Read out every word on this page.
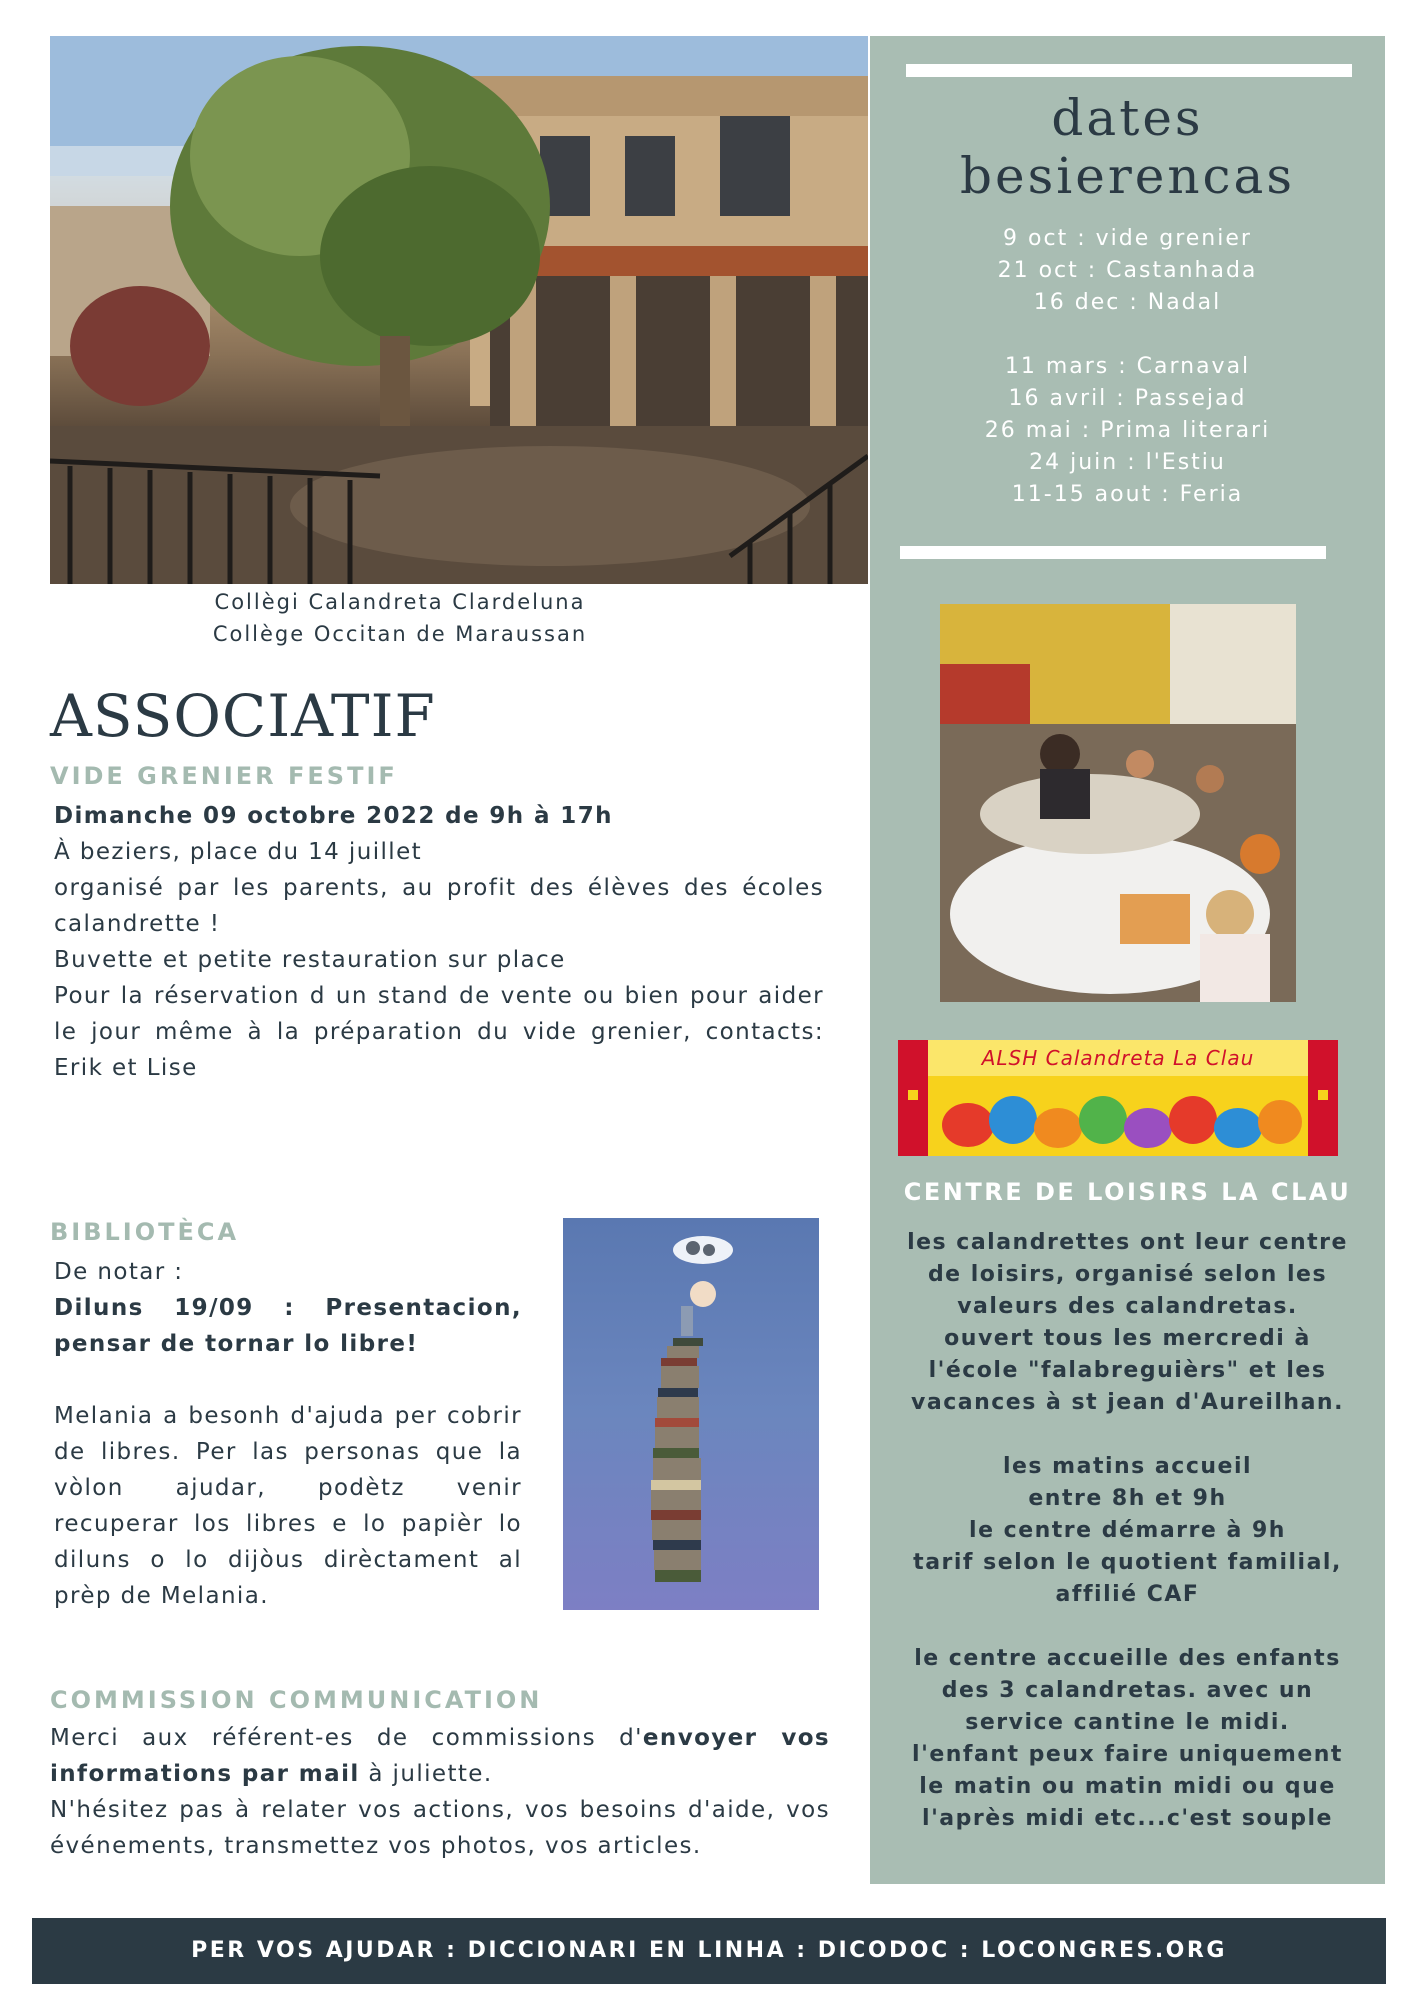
Collègi Calandreta Clardeluna
Collège Occitan de Maraussan
ASSOCIATIF
VIDE GRENIER FESTIF
Dimanche 09 octobre 2022 de 9h à 17h
À beziers, place du 14 juillet
organisé par les parents, au profit des élèves des écoles calandrette !
Buvette et petite restauration sur place
Pour la réservation d un stand de vente ou bien pour aider le jour même à la préparation du vide grenier, contacts: Erik et Lise
BIBLIOTÈCA
De notar :
Diluns 19/09 : Presentacion, pensar de tornar lo libre!
Melania a besonh d'ajuda per cobrir de libres. Per las personas que la vòlon ajudar, podètz venir recuperar los libres e lo papièr lo diluns o lo dijòus dirèctament al prèp de Melania.
COMMISSION COMMUNICATION
Merci aux référent-es de commissions d'envoyer vos informations par mail à juliette.
N'hésitez pas à relater vos actions, vos besoins d'aide, vos événements, transmettez vos photos, vos articles.
dates
besierencas
9 oct : vide grenier
21 oct : Castanhada
16 dec : Nadal
11 mars : Carnaval
16 avril : Passejad
26 mai : Prima literari
24 juin : l'Estiu
11-15 aout : Feria
ALSH Calandreta La Clau
CENTRE DE LOISIRS LA CLAU
les calandrettes ont leur centre
de loisirs, organisé selon les
valeurs des calandretas.
ouvert tous les mercredi à
l'école "falabreguièrs" et les
vacances à st jean d'Aureilhan.
les matins accueil
entre 8h et 9h
le centre démarre à 9h
tarif selon le quotient familial,
affilié CAF
le centre accueille des enfants
des 3 calandretas. avec un
service cantine le midi.
l'enfant peux faire uniquement
le matin ou matin midi ou que
l'après midi etc...c'est souple
PER VOS AJUDAR : DICCIONARI EN LINHA : DICODOC : LOCONGRES.ORG
